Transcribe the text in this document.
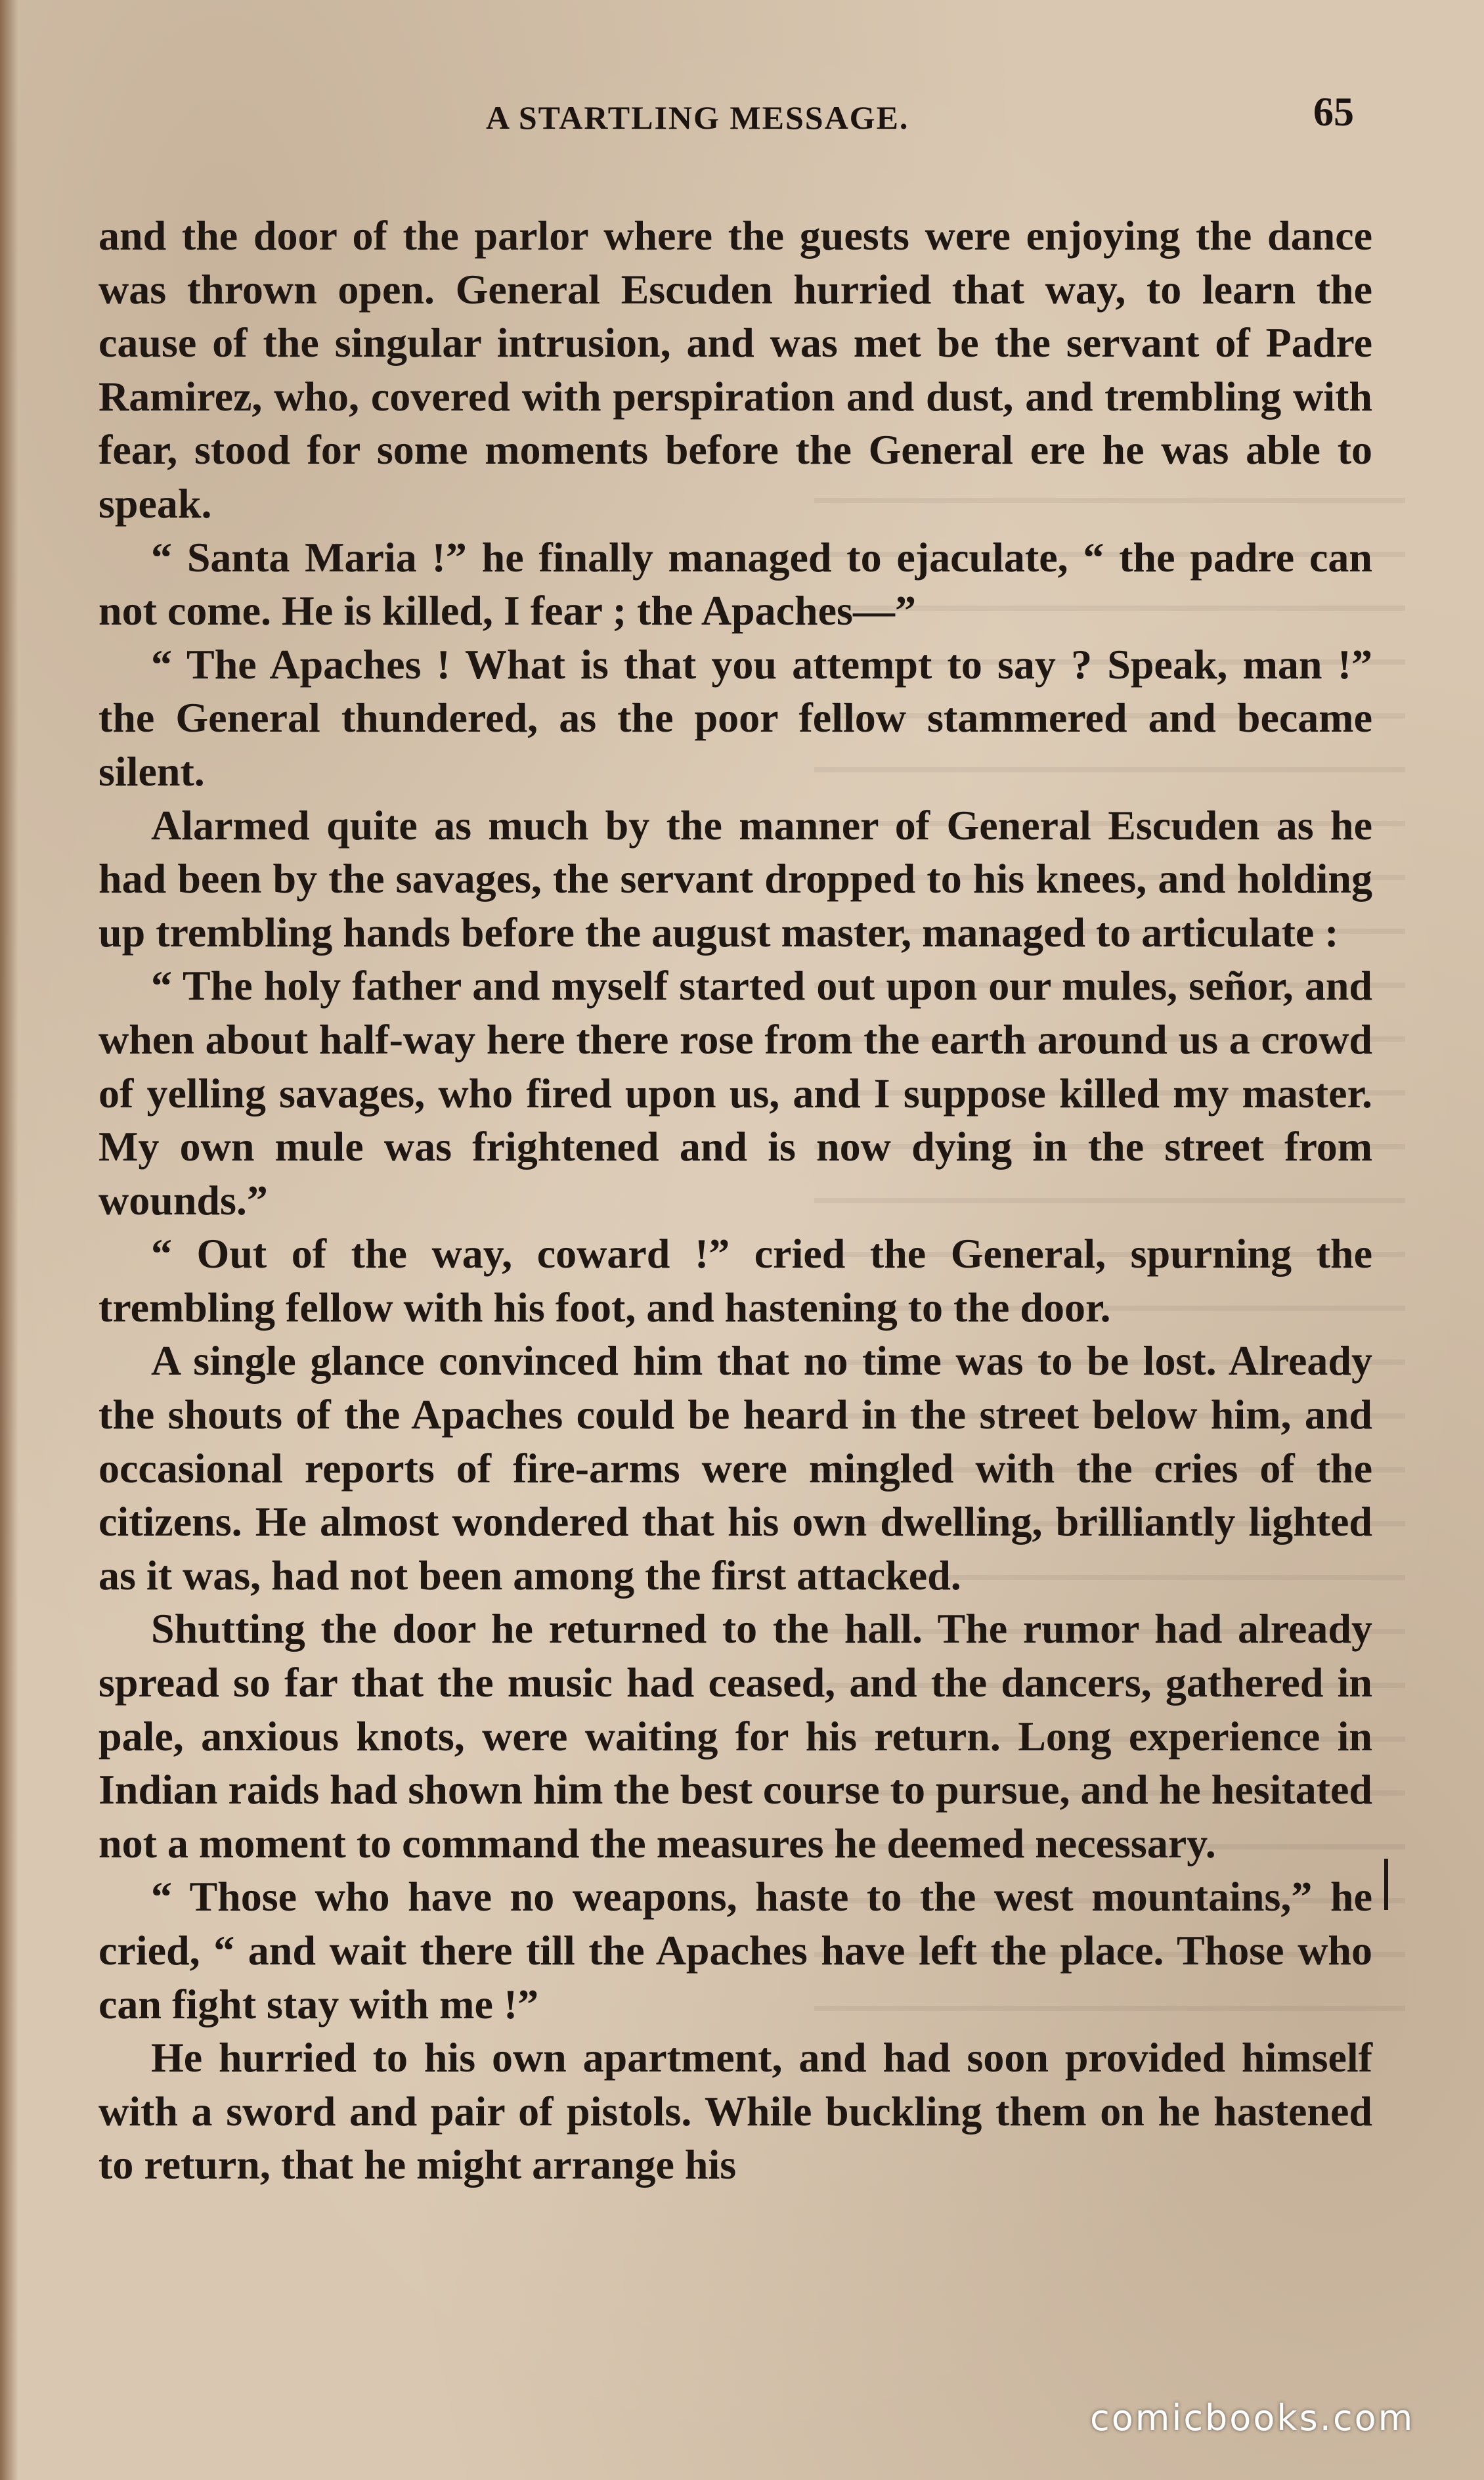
A STARTLING MESSAGE.	65

and the door of the parlor where the guests were enjoying the dance was thrown open. General Escuden hurried that way, to learn the cause of the singular intrusion, and was met be the servant of Padre Ramirez, who, covered with perspiration and dust, and trembling with fear, stood for some moments before the General ere he was able to speak.

“ Santa Maria !” he finally managed to ejaculate, “ the padre can not come. He is killed, I fear ; the Apaches—”

“ The Apaches ! What is that you attempt to say ? Speak, man !” the General thundered, as the poor fellow stammered and became silent.

Alarmed quite as much by the manner of General Escuden as he had been by the savages, the servant dropped to his knees, and holding up trembling hands before the august master, managed to articulate :

“ The holy father and myself started out upon our mules, señor, and when about half-way here there rose from the earth around us a crowd of yelling savages, who fired upon us, and I suppose killed my master. My own mule was frightened and is now dying in the street from wounds.”

“ Out of the way, coward !” cried the General, spurning the trembling fellow with his foot, and hastening to the door.

A single glance convinced him that no time was to be lost. Already the shouts of the Apaches could be heard in the street below him, and occasional reports of fire-arms were mingled with the cries of the citizens. He almost wondered that his own dwelling, brilliantly lighted as it was, had not been among the first attacked.

Shutting the door he returned to the hall. The rumor had already spread so far that the music had ceased, and the dancers, gathered in pale, anxious knots, were waiting for his return. Long experience in Indian raids had shown him the best course to pursue, and he hesitated not a moment to command the measures he deemed necessary.

“ Those who have no weapons, haste to the west mountains,” he cried, “ and wait there till the Apaches have left the place. Those who can fight stay with me !”

He hurried to his own apartment, and had soon provided himself with a sword and pair of pistols. While buckling them on he hastened to return, that he might arrange his

comicbooks.com
